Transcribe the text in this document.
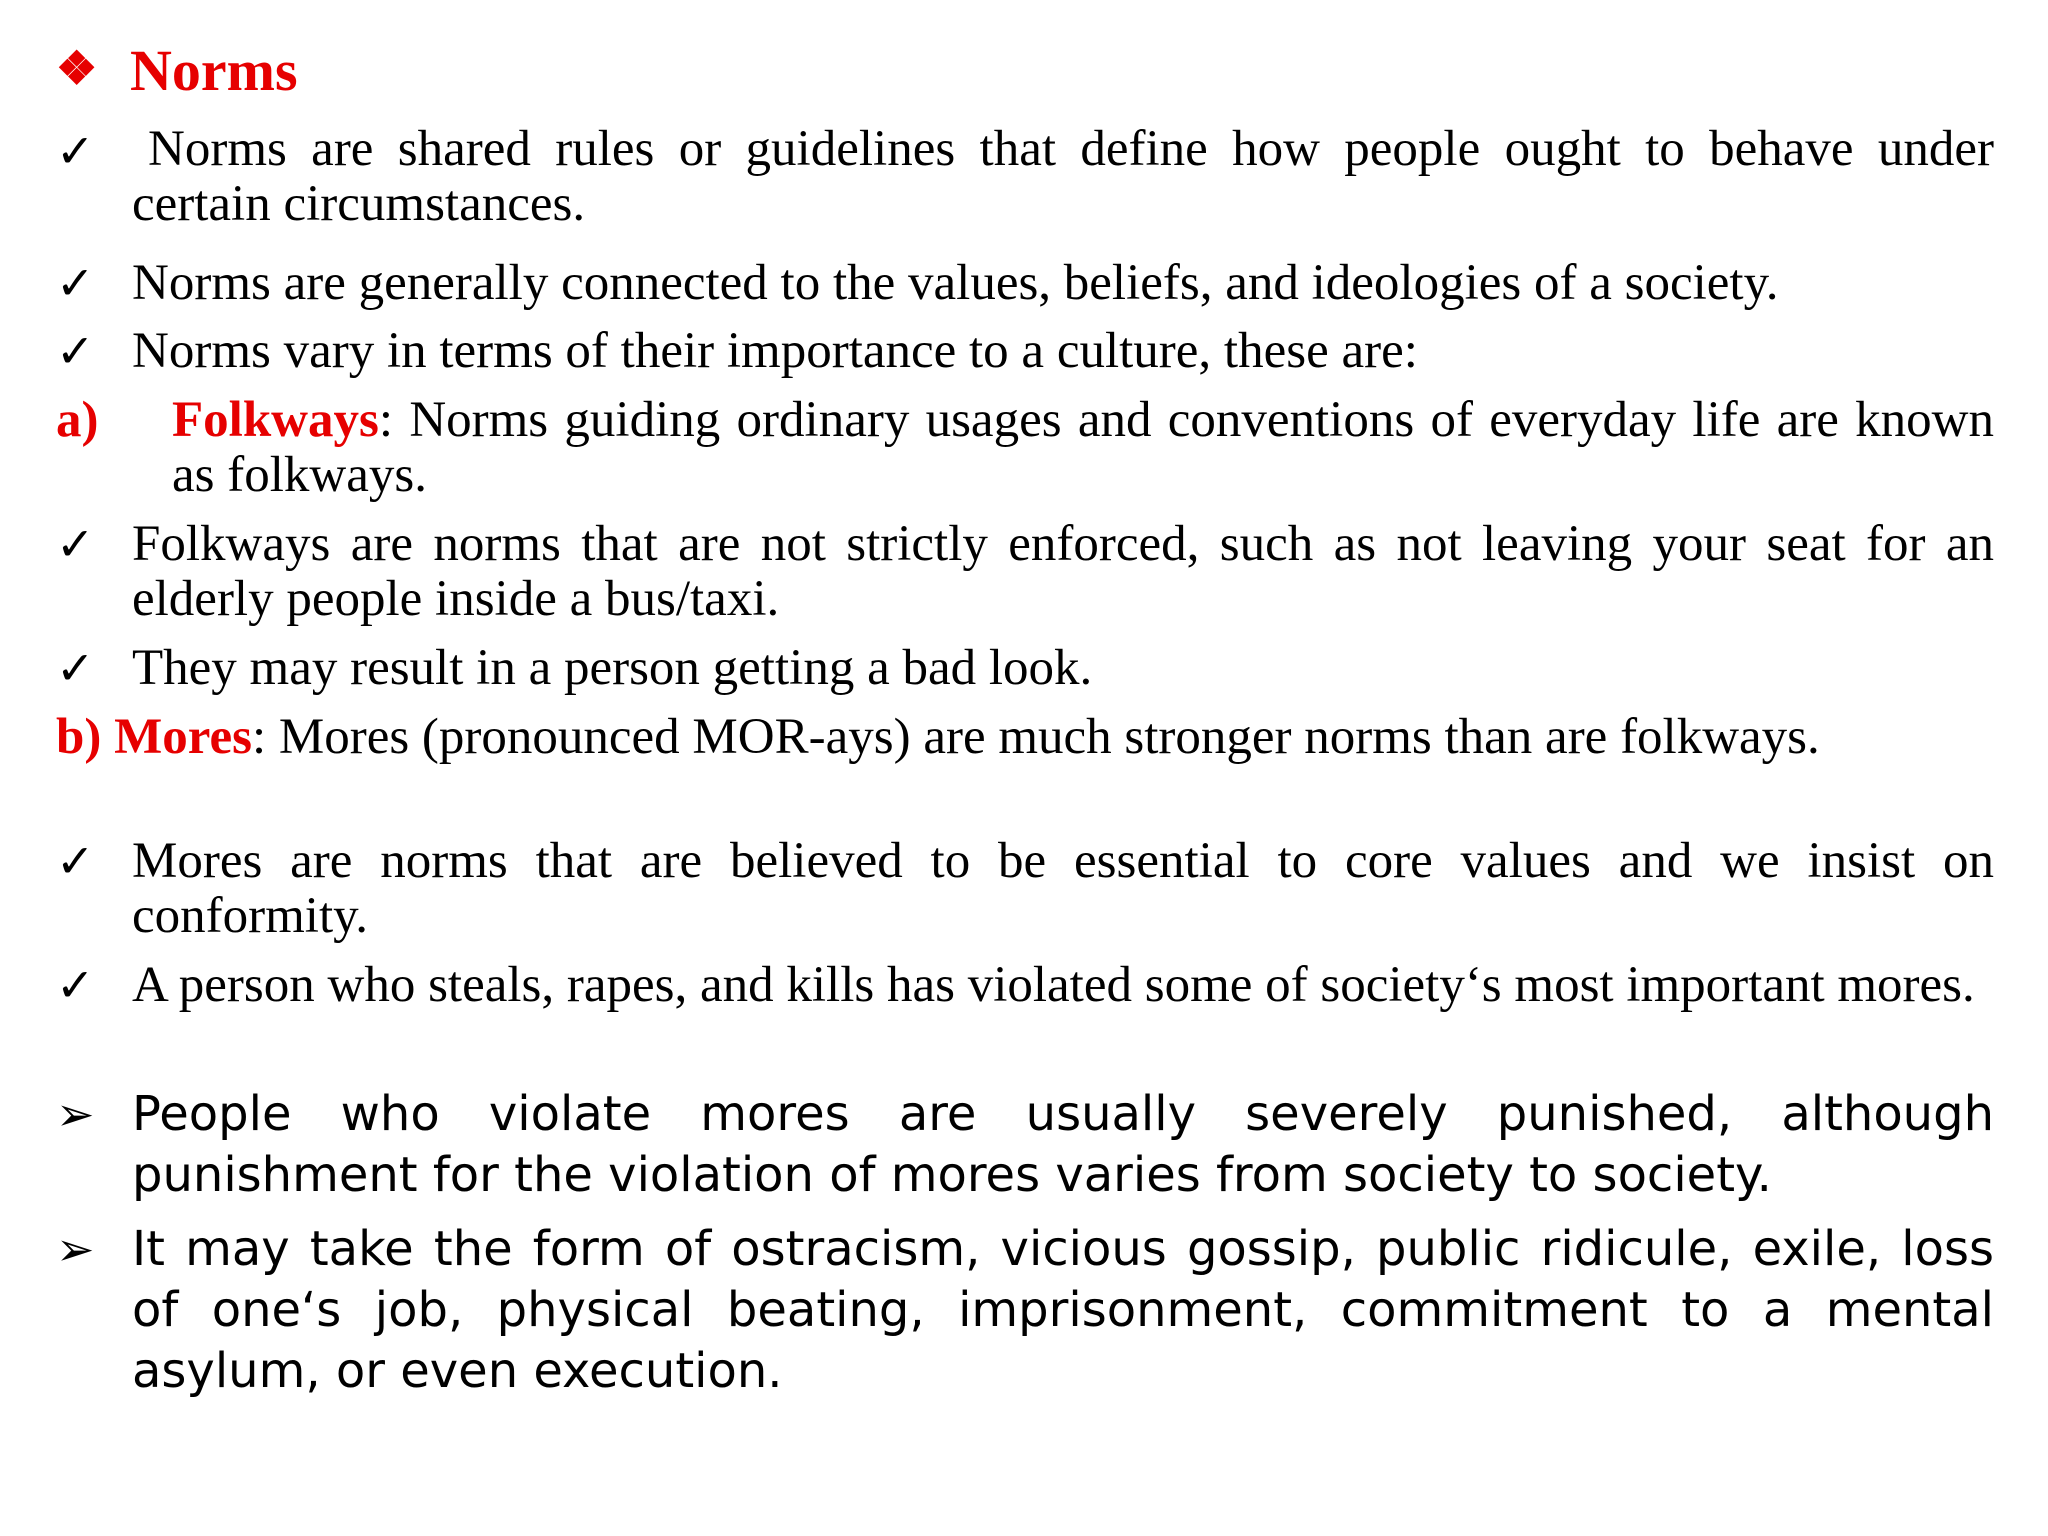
❖ Norms
✓	Norms are shared rules or guidelines that define how people ought to behave under certain circumstances.
✓ Norms are generally connected to the values, beliefs, and ideologies of a society.
✓ Norms vary in terms of their importance to a culture, these are:
a) Folkways: Norms guiding ordinary usages and conventions of everyday life are known as folkways.
✓ Folkways are norms that are not strictly enforced, such as not leaving your seat for an elderly people inside a bus/taxi.
✓ They may result in a person getting a bad look.
b) Mores: Mores (pronounced MOR-ays) are much stronger norms than are folkways.
✓ Mores are norms that are believed to be essential to core values and we insist on conformity.
✓ A person who steals, rapes, and kills has violated some of society‘s most important mores.
➢ People who violate mores are usually severely punished, although punishment for the violation of mores varies from society to society.
➢ It may take the form of ostracism, vicious gossip, public ridicule, exile, loss of one‘s job, physical beating, imprisonment, commitment to a mental asylum, or even execution.
